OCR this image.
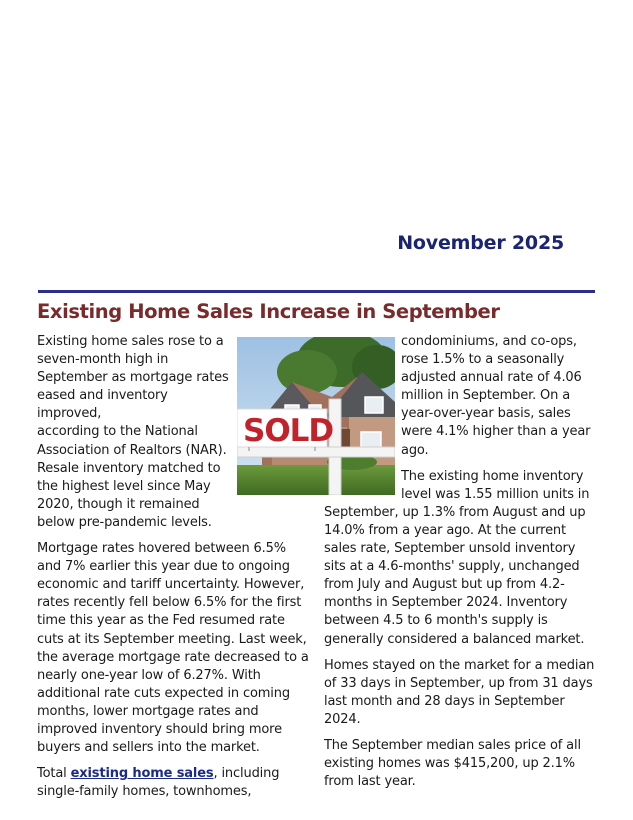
November 2025
Existing Home Sales Increase in September
SOLD

Existing home sales rose to a
seven-month high in
September as mortgage rates
eased and inventory improved,
according to the National
Association of Realtors (NAR).
Resale inventory matched to
the highest level since May
2020, though it remained
below pre-pandemic levels.

Mortgage rates hovered between 6.5% and 7% earlier this year due to ongoing economic and tariff uncertainty. However, rates recently fell below 6.5% for the first time this year as the Fed resumed rate cuts at its September meeting. Last week, the average mortgage rate decreased to a nearly one-year low of 6.27%. With additional rate cuts expected in coming months, lower mortgage rates and improved inventory should bring more buyers and sellers into the market.

Total existing home sales, including single-family homes, townhomes,

condominiums, and co-ops,
rose 1.5% to a seasonally
adjusted annual rate of 4.06
million in September. On a
year-over-year basis, sales
were 4.1% higher than a year
ago.

The existing home inventory
level was 1.55 million units in
September, up 1.3% from August and up 14.0% from a year ago. At the current sales rate, September unsold inventory sits at a 4.6-months' supply, unchanged from July and August but up from 4.2-months in September 2024. Inventory between 4.5 to 6 month's supply is generally considered a balanced market.

Homes stayed on the market for a median of 33 days in September, up from 31 days last month and 28 days in September 2024.

The September median sales price of all existing homes was $415,200, up 2.1% from last year.
